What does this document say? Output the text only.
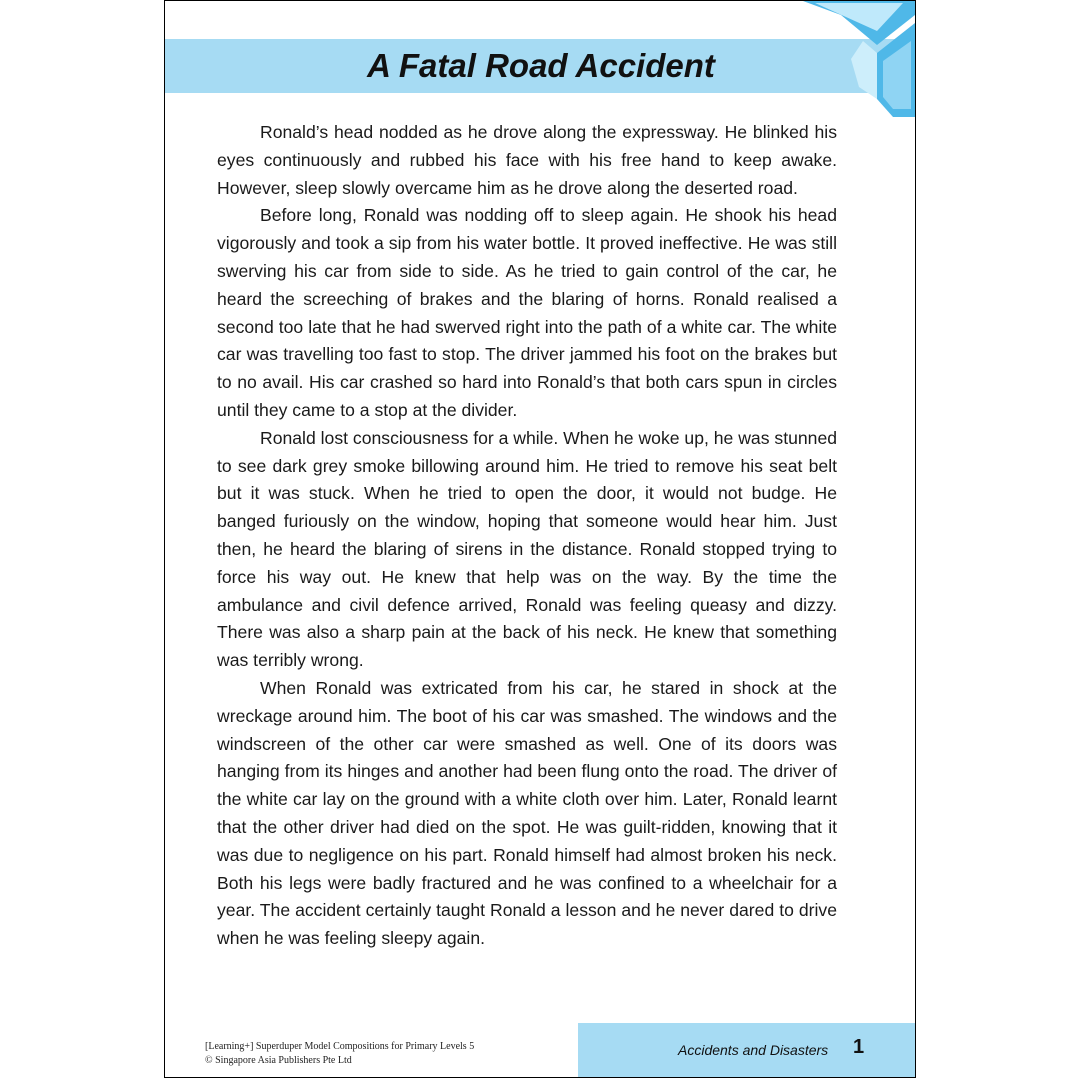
A Fatal Road Accident

Ronald’s head nodded as he drove along the expressway. He blinked his eyes continuously and rubbed his face with his free hand to keep awake. However, sleep slowly overcame him as he drove along the deserted road.

Before long, Ronald was nodding off to sleep again. He shook his head vigorously and took a sip from his water bottle. It proved ineffective. He was still swerving his car from side to side. As he tried to gain control of the car, he heard the screeching of brakes and the blaring of horns. Ronald realised a second too late that he had swerved right into the path of a white car. The white car was travelling too fast to stop. The driver jammed his foot on the brakes but to no avail. His car crashed so hard into Ronald’s that both cars spun in circles until they came to a stop at the divider.

Ronald lost consciousness for a while. When he woke up, he was stunned to see dark grey smoke billowing around him. He tried to remove his seat belt but it was stuck. When he tried to open the door, it would not budge. He banged furiously on the window, hoping that someone would hear him. Just then, he heard the blaring of sirens in the distance. Ronald stopped trying to force his way out. He knew that help was on the way. By the time the ambulance and civil defence arrived, Ronald was feeling queasy and dizzy. There was also a sharp pain at the back of his neck. He knew that something was terribly wrong.

When Ronald was extricated from his car, he stared in shock at the wreckage around him. The boot of his car was smashed. The windows and the windscreen of the other car were smashed as well. One of its doors was hanging from its hinges and another had been flung onto the road. The driver of the white car lay on the ground with a white cloth over him. Later, Ronald learnt that the other driver had died on the spot. He was guilt-ridden, knowing that it was due to negligence on his part. Ronald himself had almost broken his neck. Both his legs were badly fractured and he was confined to a wheelchair for a year. The accident certainly taught Ronald a lesson and he never dared to drive when he was feeling sleepy again.

[Learning+] Superduper Model Compositions for Primary Levels 5
© Singapore Asia Publishers Pte Ltd
Accidents and Disasters 1
